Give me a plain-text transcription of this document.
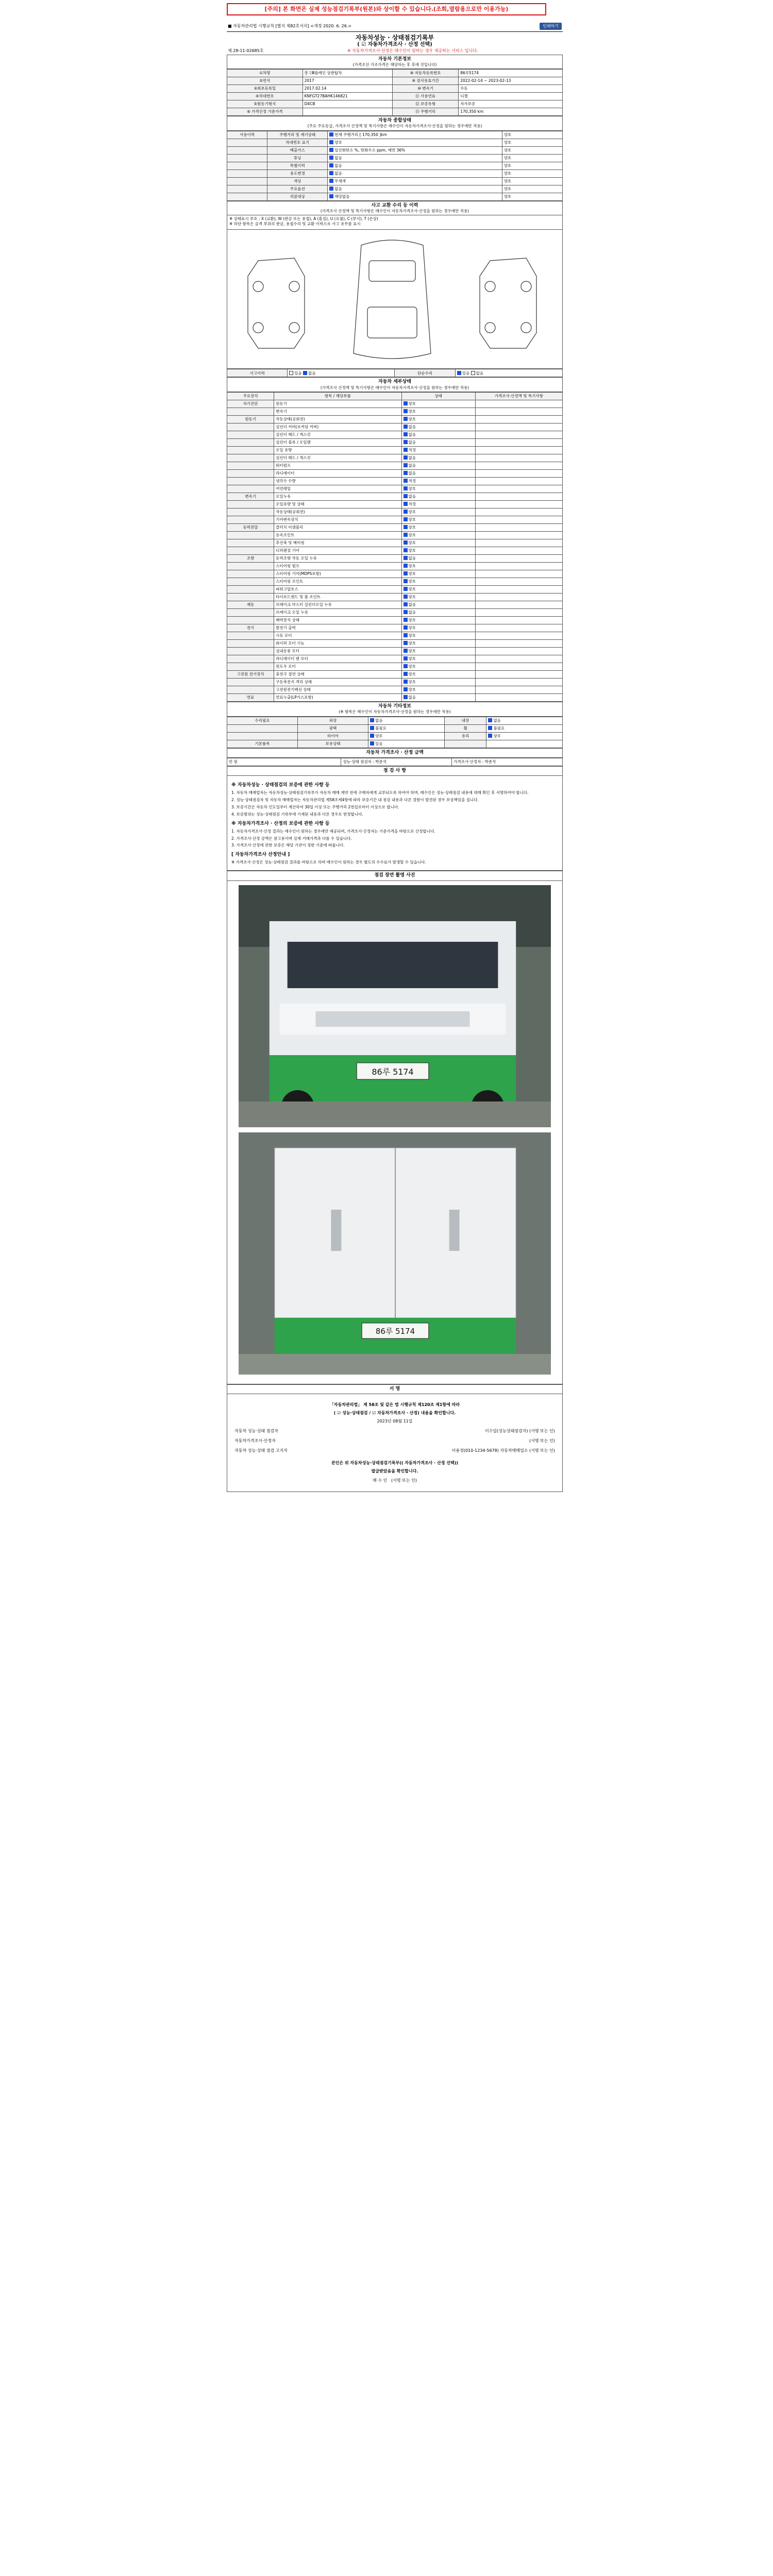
[주의] 본 화면은 실제 성능점검기록부(원본)와 상이할 수 있습니다.(조회,열람용으로만 이용가능)
■ 자동차관리법 시행규칙 [별지 제82호서식] <개정 2020. 6. 26.>	인쇄하기
자동차성능 · 상태점검기록부
( ☑ 자동차가격조사 · 산정 선택)
제 28-11-02685호	※ 자동차가격조사·산정은 매수인이 원하는 경우 제공하는 서비스 입니다.
자동차 기본정보
(가격조산 가조가격은 해당하는 후 후에 것입니다)
①차명	봉고Ⅲ플레인 상판탑차	⑧ 자동차등록번호	86루5174
②연식	2017	⑨ 검사유효기간	2022-02-14 ~ 2023-02-13
③최초등록일	2017.02.14	⑩ 변속기	수동
④차대번호	KNFGT27BAHK146821	⑪ 사용연료	디젤
⑤원동기형식	D4CB	⑫ 보증유형	자가보증
⑥ 가격산정 기준가격		⑬ 주행거리	170,350 km
자동차 종합상태
(주요 주요등급, 가격조사 산정액 및 특기사항은 매수인이 자동차가격조사·산정을 원하는 경우에만 적용)
사용이력	주행거리 및 계기상태	현재 주행거리 [ 170,350 ]km	양호
	차대번호 표기	양호	양호
	배출가스	일산화탄소 %, 탄화수소 ppm, 매연 36%	양호
	튜닝	없음	양호
	특별이력	없음	양호
	용도변경	없음	양호
	색상	무채색	양호
	주요옵션	없음	양호
	리콜대상	해당없음	양호
사고 교환 수리 등 이력
(가격조사 산정액 및 특기사항은 매수인이 자동차가격조사·산정을 원하는 경우에만 적용)
※ 상태표시 부호 : X (교환), W (판금 또는 용접), A (흠집), U (요철), C (부식), T (손상)
※ 하단 항목은 골격 부위의 판금, 용접수리 및 교환 이력으로 사고 유무를 표시
사고이력	있음 없음	단순수리	있음 없음
자동차 세부상태
(가격조사 산정액 및 특기사항은 매수인이 자동차가격조사·산정을 원하는 경우에만 적용)
주요장치	항목 / 해당부품	상태	가격조사·산정액 및 특기사항
자기진단	원동기	양호	
	변속기	양호	
원동기	작동상태(공회전)	양호	
	실린더 커버(로커암 커버)	없음	
	실린더 헤드 / 개스킷	없음	
	실린더 블록 / 오일팬	없음	
	오일 유량	적정	
	실린더 헤드 / 개스킷	없음	
	워터펌프	없음	
	라디에이터	없음	
	냉각수 수량	적정	
	커먼레일	양호	
변속기	오일누유	없음	
	오일유량 및 상태	적정	
	작동상태(공회전)	양호	
	기어변속장치	양호	
동력전달	클러치 어셈블리	양호	
	등속조인트	양호	
	추진축 및 베어링	양호	
	디퍼렌셜 기어	양호	
조향	동력조향 작동 오일 누유	없음	
	스티어링 펌프	양호	
	스티어링 기어(MDPS포함)	양호	
	스티어링 조인트	양호	
	파워고압호스	양호	
	타이로드엔드 및 볼 조인트	양호	
제동	브레이크 마스터 실린더오일 누유	없음	
	브레이크 오일 누유	없음	
	배력장치 상태	양호	
전기	발전기 출력	양호	
	시동 모터	양호	
	와이퍼 모터 기능	양호	
	실내송풍 모터	양호	
	라디에이터 팬 모터	양호	
	윈도우 모터	양호	
고전원 전기장치	충전구 절연 상태	양호	
	구동축전지 격리 상태	양호	
	고전원전기배선 상태	양호	
연료	연료누출(LP가스포함)	없음	
자동차 기타정보
(※ 항목은 매수인이 자동차가격조사·산정을 원하는 경우에만 적용)
수리필요	외장	없음	내장	없음
	광택	불필요	휠	불필요
	타이어	양호	유리	양호
기본품목	보유상태	있음		
자동차 가격조사 · 산정 금액
만 원	성능·상태 점검자 : 박준석	가격조사·산정자 : 박준석
점 검 사 항
※ 자동차성능 · 상태점검의 보증에 관한 사항 등

1. 자동차 매매업자는 자동차성능·상태점검기록부가 자동차 매매 계약 전에 구매자에게 교부되도록 하여야 하며, 매수인은 성능·상태점검 내용에 대해 확인 후 서명하여야 합니다.

2. 성능·상태점검자 및 자동차 매매업자는 자동차관리법 제58조제4항에 따라 보증기간 내 점검 내용과 다른 결함이 발견된 경우 보상책임을 집니다.

3. 보증기간은 자동차 인도일부터 계산하여 30일 이상 또는 주행거리 2천킬로미터 이상으로 합니다.

4. 보증범위는 성능·상태점검 기록부에 기재된 내용과 다른 경우로 한정합니다.

※ 자동차가격조사 · 산정의 보증에 관한 사항 등

1. 자동차가격조사·산정 결과는 매수인이 원하는 경우에만 제공되며, 가격조사·산정자는 기준가격을 바탕으로 산정합니다.

2. 가격조사·산정 금액은 참고용이며 실제 거래가격과 다를 수 있습니다.

3. 가격조사·산정에 관한 보증은 해당 기관이 정한 기준에 따릅니다.

[ 자동차가격조사 산정안내 ]

※ 가격조사·산정은 성능·상태점검 결과를 바탕으로 하며 매수인이 원하는 경우 별도의 수수료가 발생할 수 있습니다.

점검 장면 촬영 사진
86루 5174
86루 5174
서 명
「자동차관리법」 제 58조 및 같은 법 시행규칙 제120조 제1항에 따라
( ☑ 성능·상태점검 / ☑ 자동차가격조사 · 산정) 내용을 확인합니다.
2023년 08월 11일
자동차 성능·상태 점검자	이수일(성능상태점검자) (서명 또는 인)
자동차가격조사·산정자	(서명 또는 인)
자동차 성능·상태 점검 고지자	이용정(010-1234-5678) 자동차매매업소 (서명 또는 인)
본인은 위 자동차성능·상태점검기록부(( 자동차가격조사 · 산정 선택))
발급받았음을 확인합니다.
매 수 인 (서명 또는 인)
